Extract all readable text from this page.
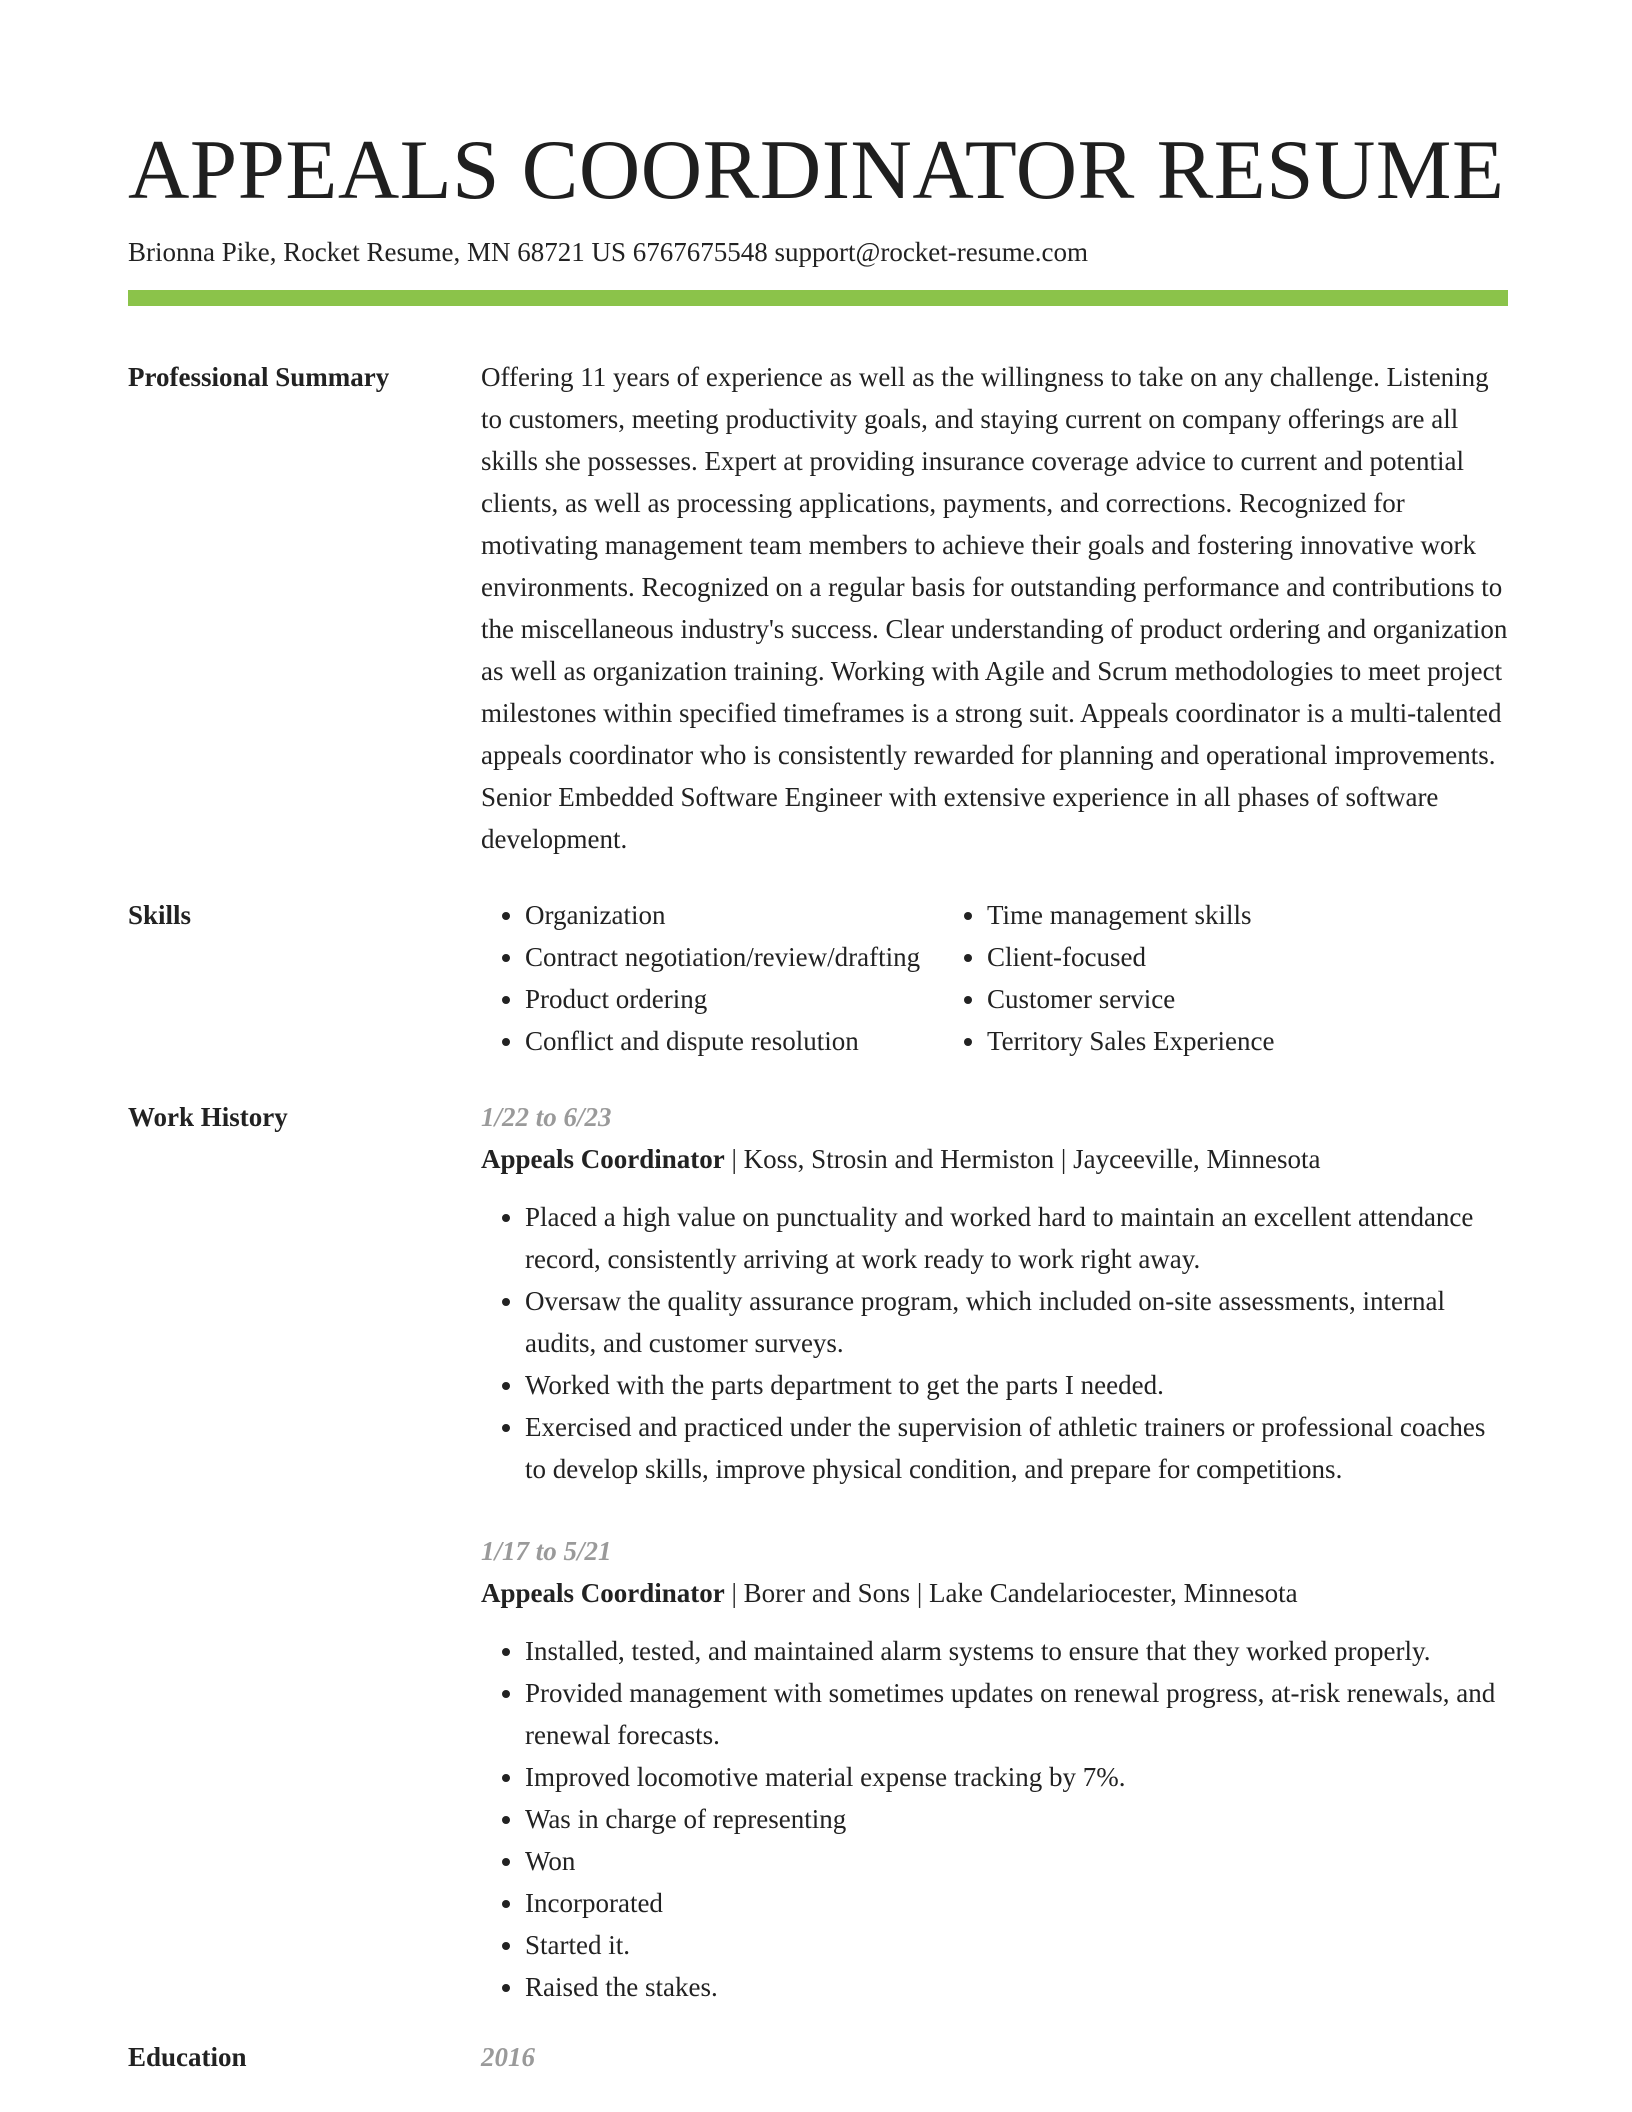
APPEALS COORDINATOR RESUME
Brionna Pike, Rocket Resume, MN 68721 US 6767675548 support@rocket-resume.com
Professional Summary	Offering 11 years of experience as well as the willingness to take on any challenge. Listening to customers, meeting productivity goals, and staying current on company offerings are all skills she possesses. Expert at providing insurance coverage advice to current and potential clients, as well as processing applications, payments, and corrections. Recognized for motivating management team members to achieve their goals and fostering innovative work environments. Recognized on a regular basis for outstanding performance and contributions to the miscellaneous industry's success. Clear understanding of product ordering and organization as well as organization training. Working with Agile and Scrum methodologies to meet project milestones within specified timeframes is a strong suit. Appeals coordinator is a multi-talented appeals coordinator who is consistently rewarded for planning and operational improvements. Senior Embedded Software Engineer with extensive experience in all phases of software development.
Skills
•	Organization
• Contract negotiation/review/drafting
• Product ordering
• Conflict and dispute resolution
• Time management skills
• Client-focused
• Customer service
• Territory Sales Experience
Work History	1/22 to 6/23
Appeals Coordinator | Koss, Strosin and Hermiston | Jayceeville, Minnesota
• Placed a high value on punctuality and worked hard to maintain an excellent attendance record, consistently arriving at work ready to work right away.
• Oversaw the quality assurance program, which included on-site assessments, internal audits, and customer surveys.
• Worked with the parts department to get the parts I needed.
• Exercised and practiced under the supervision of athletic trainers or professional coaches to develop skills, improve physical condition, and prepare for competitions.
1/17 to 5/21
Appeals Coordinator | Borer and Sons | Lake Candelariocester, Minnesota
• Installed, tested, and maintained alarm systems to ensure that they worked properly.
• Provided management with sometimes updates on renewal progress, at-risk renewals, and renewal forecasts.
• Improved locomotive material expense tracking by 7%.
• Was in charge of representing
• Won
• Incorporated
• Started it.
• Raised the stakes.
Education	2016
